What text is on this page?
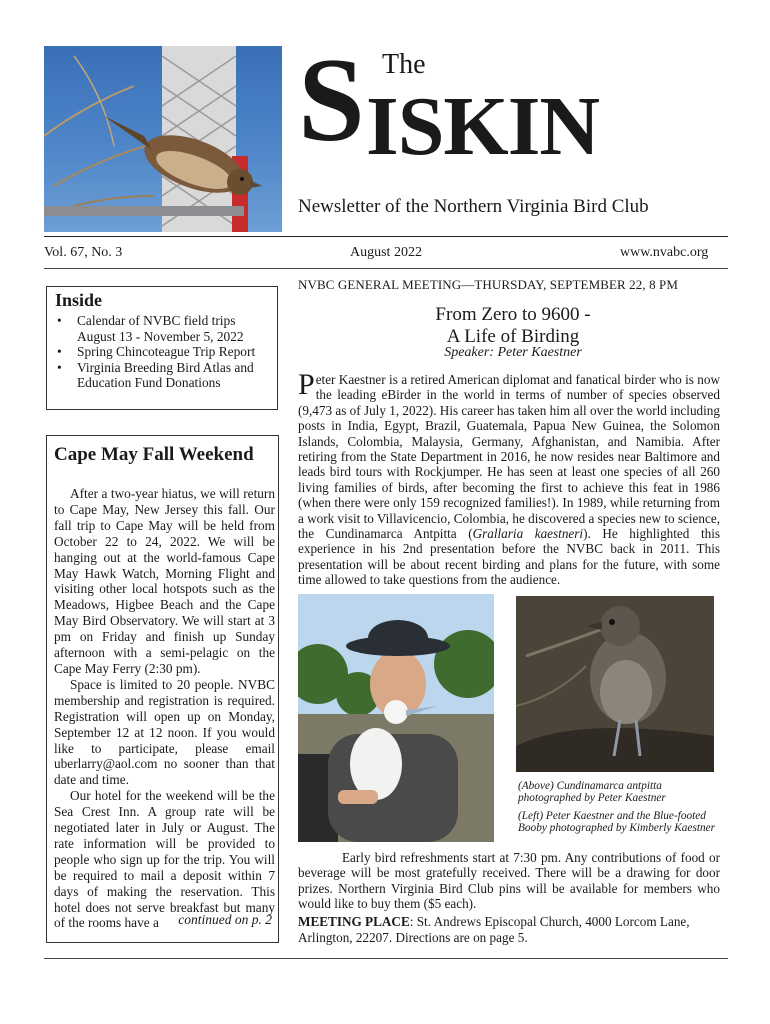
S The
ISKIN
Newsletter of the Northern Virginia Bird Club
Vol. 67, No. 3	August 2022	www.nvabc.org
Inside
• Calendar of NVBC field trips August 13 - November 5, 2022
• Spring Chincoteague Trip Report
• Virginia Breeding Bird Atlas and Education Fund Donations
Cape May Fall Weekend

After a two-year hiatus, we will return to Cape May, New Jersey this fall. Our fall trip to Cape May will be held from October 22 to 24, 2022. We will be hanging out at the world-famous Cape May Hawk Watch, Morning Flight and visiting other local hotspots such as the Meadows, Higbee Beach and the Cape May Bird Observatory. We will start at 3 pm on Friday and finish up Sunday afternoon with a semi-pelagic on the Cape May Ferry (2:30 pm).

Space is limited to 20 people. NVBC membership and registration is required. Registration will open up on Monday, September 12 at 12 noon. If you would like to participate, please email uberlarry@aol.com no sooner than that date and time.

Our hotel for the weekend will be the Sea Crest Inn. A group rate will be negotiated later in July or August. The rate information will be provided to people who sign up for the trip. You will be required to mail a deposit within 7 days of making the reservation. This hotel does not serve breakfast but many of the rooms have a	continued on p. 2
NVBC GENERAL MEETING—THURSDAY, SEPTEMBER 22, 8 PM
From Zero to 9600 -
A Life of Birding
Speaker: Peter Kaestner

Peter Kaestner is a retired American diplomat and fanatical birder who is now the leading eBirder in the world in terms of number of species observed (9,473 as of July 1, 2022). His career has taken him all over the world including posts in India, Egypt, Brazil, Guatemala, Papua New Guinea, the Solomon Islands, Colombia, Malaysia, Germany, Afghanistan, and Namibia. After retiring from the State Department in 2016, he now resides near Baltimore and leads bird tours with Rockjumper. He has seen at least one species of all 260 living families of birds, after becoming the first to achieve this feat in 1986 (when there were only 159 recognized families!). In 1989, while returning from a work visit to Villavicencio, Colombia, he discovered a species new to science, the Cundinamarca Antpitta (Grallaria kaestneri). He highlighted this experience in his 2nd presentation before the NVBC back in 2011. This presentation will be about recent birding and plans for the future, with some time allowed to take questions from the audience.

(Above) Cundinamarca antpitta photographed by Peter Kaestner
(Left) Peter Kaestner and the Blue-footed Booby photographed by Kimberly Kaestner

Early bird refreshments start at 7:30 pm. Any contributions of food or beverage will be most gratefully received. There will be a drawing for door prizes. Northern Virginia Bird Club pins will be available for members who would like to buy them ($5 each).

MEETING PLACE: St. Andrews Episcopal Church, 4000 Lorcom Lane, Arlington, 22207. Directions are on page 5.
